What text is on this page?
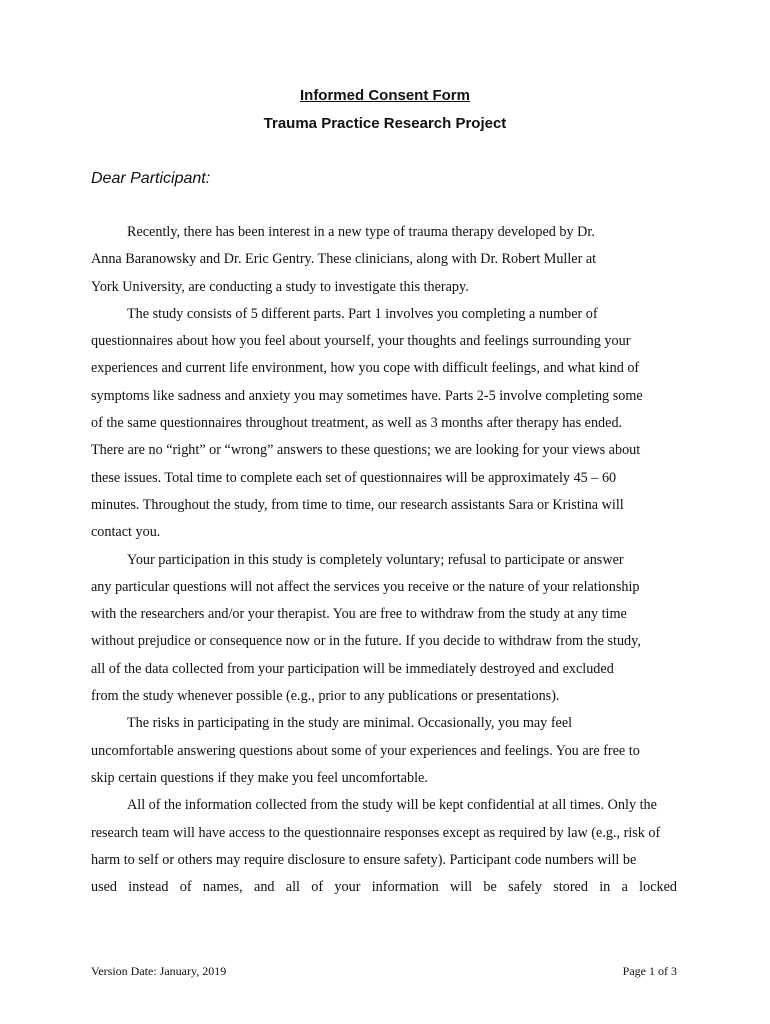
Informed Consent Form
Trauma Practice Research Project
Dear Participant:
Recently, there has been interest in a new type of trauma therapy developed by Dr.
Anna Baranowsky and Dr. Eric Gentry. These clinicians, along with Dr. Robert Muller at
York University, are conducting a study to investigate this therapy.
The study consists of 5 different parts. Part 1 involves you completing a number of
questionnaires about how you feel about yourself, your thoughts and feelings surrounding your
experiences and current life environment, how you cope with difficult feelings, and what kind of
symptoms like sadness and anxiety you may sometimes have. Parts 2-5 involve completing some
of the same questionnaires throughout treatment, as well as 3 months after therapy has ended.
There are no “right” or “wrong” answers to these questions; we are looking for your views about
these issues. Total time to complete each set of questionnaires will be approximately 45 – 60
minutes. Throughout the study, from time to time, our research assistants Sara or Kristina will
contact you.
Your participation in this study is completely voluntary; refusal to participate or answer
any particular questions will not affect the services you receive or the nature of your relationship
with the researchers and/or your therapist. You are free to withdraw from the study at any time
without prejudice or consequence now or in the future. If you decide to withdraw from the study,
all of the data collected from your participation will be immediately destroyed and excluded
from the study whenever possible (e.g., prior to any publications or presentations).
The risks in participating in the study are minimal. Occasionally, you may feel
uncomfortable answering questions about some of your experiences and feelings. You are free to
skip certain questions if they make you feel uncomfortable.
All of the information collected from the study will be kept confidential at all times. Only the
research team will have access to the questionnaire responses except as required by law (e.g., risk of
harm to self or others may require disclosure to ensure safety). Participant code numbers will be
used instead of names, and all of your information will be safely stored in a locked
Version Date: January, 2019	Page 1 of 3
